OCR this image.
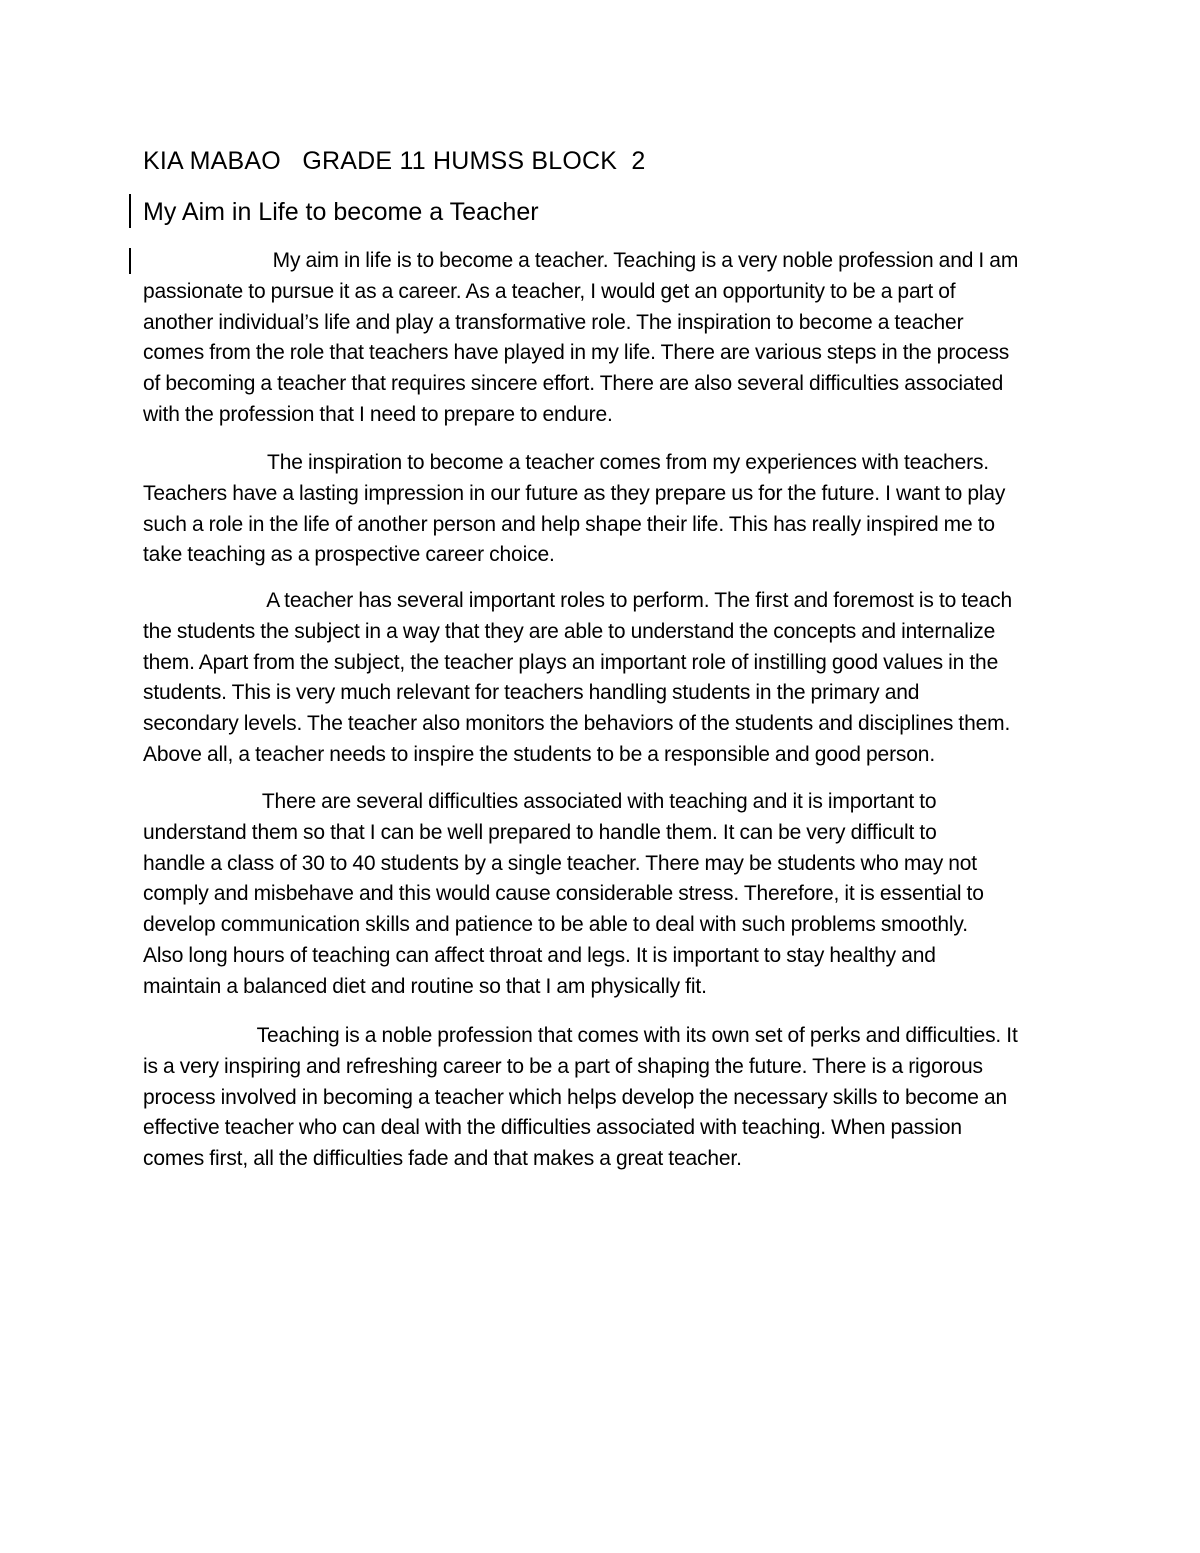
KIA MABAO   GRADE 11 HUMSS BLOCK  2
My Aim in Life to become a Teacher
My aim in life is to become a teacher. Teaching is a very noble profession and I am
passionate to pursue it as a career. As a teacher, I would get an opportunity to be a part of
another individual’s life and play a transformative role. The inspiration to become a teacher
comes from the role that teachers have played in my life. There are various steps in the process
of becoming a teacher that requires sincere effort. There are also several difficulties associated
with the profession that I need to prepare to endure.
The inspiration to become a teacher comes from my experiences with teachers.
Teachers have a lasting impression in our future as they prepare us for the future. I want to play
such a role in the life of another person and help shape their life. This has really inspired me to
take teaching as a prospective career choice.
A teacher has several important roles to perform. The first and foremost is to teach
the students the subject in a way that they are able to understand the concepts and internalize
them. Apart from the subject, the teacher plays an important role of instilling good values in the
students. This is very much relevant for teachers handling students in the primary and
secondary levels. The teacher also monitors the behaviors of the students and disciplines them.
Above all, a teacher needs to inspire the students to be a responsible and good person.
There are several difficulties associated with teaching and it is important to
understand them so that I can be well prepared to handle them. It can be very difficult to
handle a class of 30 to 40 students by a single teacher. There may be students who may not
comply and misbehave and this would cause considerable stress. Therefore, it is essential to
develop communication skills and patience to be able to deal with such problems smoothly.
Also long hours of teaching can affect throat and legs. It is important to stay healthy and
maintain a balanced diet and routine so that I am physically fit.
Teaching is a noble profession that comes with its own set of perks and difficulties. It
is a very inspiring and refreshing career to be a part of shaping the future. There is a rigorous
process involved in becoming a teacher which helps develop the necessary skills to become an
effective teacher who can deal with the difficulties associated with teaching. When passion
comes first, all the difficulties fade and that makes a great teacher.
